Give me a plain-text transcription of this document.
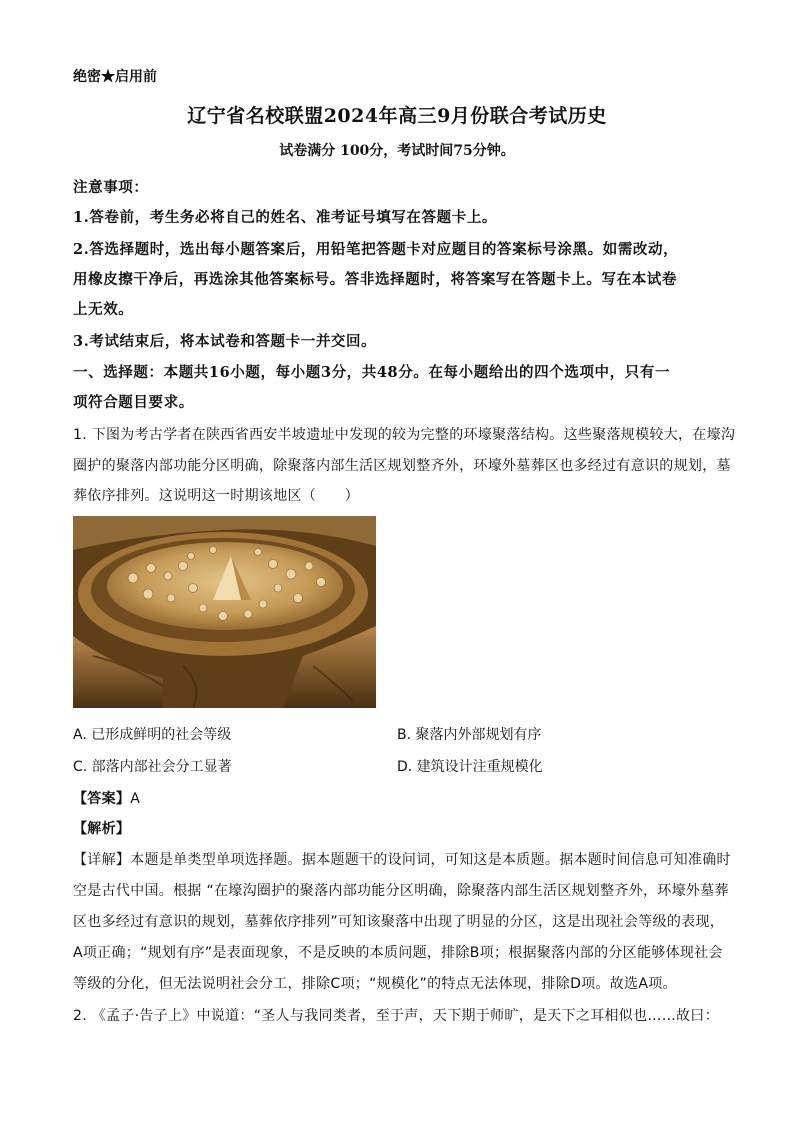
绝密★启用前
辽宁省名校联盟2024年高三9月份联合考试历史
试卷满分 100分，考试时间75分钟。
注意事项：
1.答卷前，考生务必将自己的姓名、准考证号填写在答题卡上。
2.答选择题时，选出每小题答案后，用铅笔把答题卡对应题目的答案标号涂黑。如需改动，
用橡皮擦干净后，再选涂其他答案标号。答非选择题时，将答案写在答题卡上。写在本试卷
上无效。
3.考试结束后，将本试卷和答题卡一并交回。
一、选择题：本题共16小题，每小题3分，共48分。在每小题给出的四个选项中，只有一
项符合题目要求。
1. 下图为考古学者在陕西省西安半坡遗址中发现的较为完整的环壕聚落结构。这些聚落规模较大，在壕沟
圈护的聚落内部功能分区明确，除聚落内部生活区规划整齐外，环壕外墓葬区也多经过有意识的规划，墓
葬依序排列。这说明这一时期该地区（　　）
A. 已形成鲜明的社会等级	B. 聚落内外部规划有序
C. 部落内部社会分工显著	D. 建筑设计注重规模化
【答案】A
【解析】
【详解】本题是单类型单项选择题。据本题题干的设问词，可知这是本质题。据本题时间信息可知准确时
空是古代中国。根据 “在壕沟圈护的聚落内部功能分区明确，除聚落内部生活区规划整齐外，环壕外墓葬
区也多经过有意识的规划，墓葬依序排列”可知该聚落中出现了明显的分区，这是出现社会等级的表现，
A项正确；“规划有序”是表面现象，不是反映的本质问题，排除B项；根据聚落内部的分区能够体现社会
等级的分化，但无法说明社会分工，排除C项；“规模化”的特点无法体现，排除D项。故选A项。
2. 《孟子·告子上》中说道：“圣人与我同类者，至于声，天下期于师旷，是天下之耳相似也……故曰：
